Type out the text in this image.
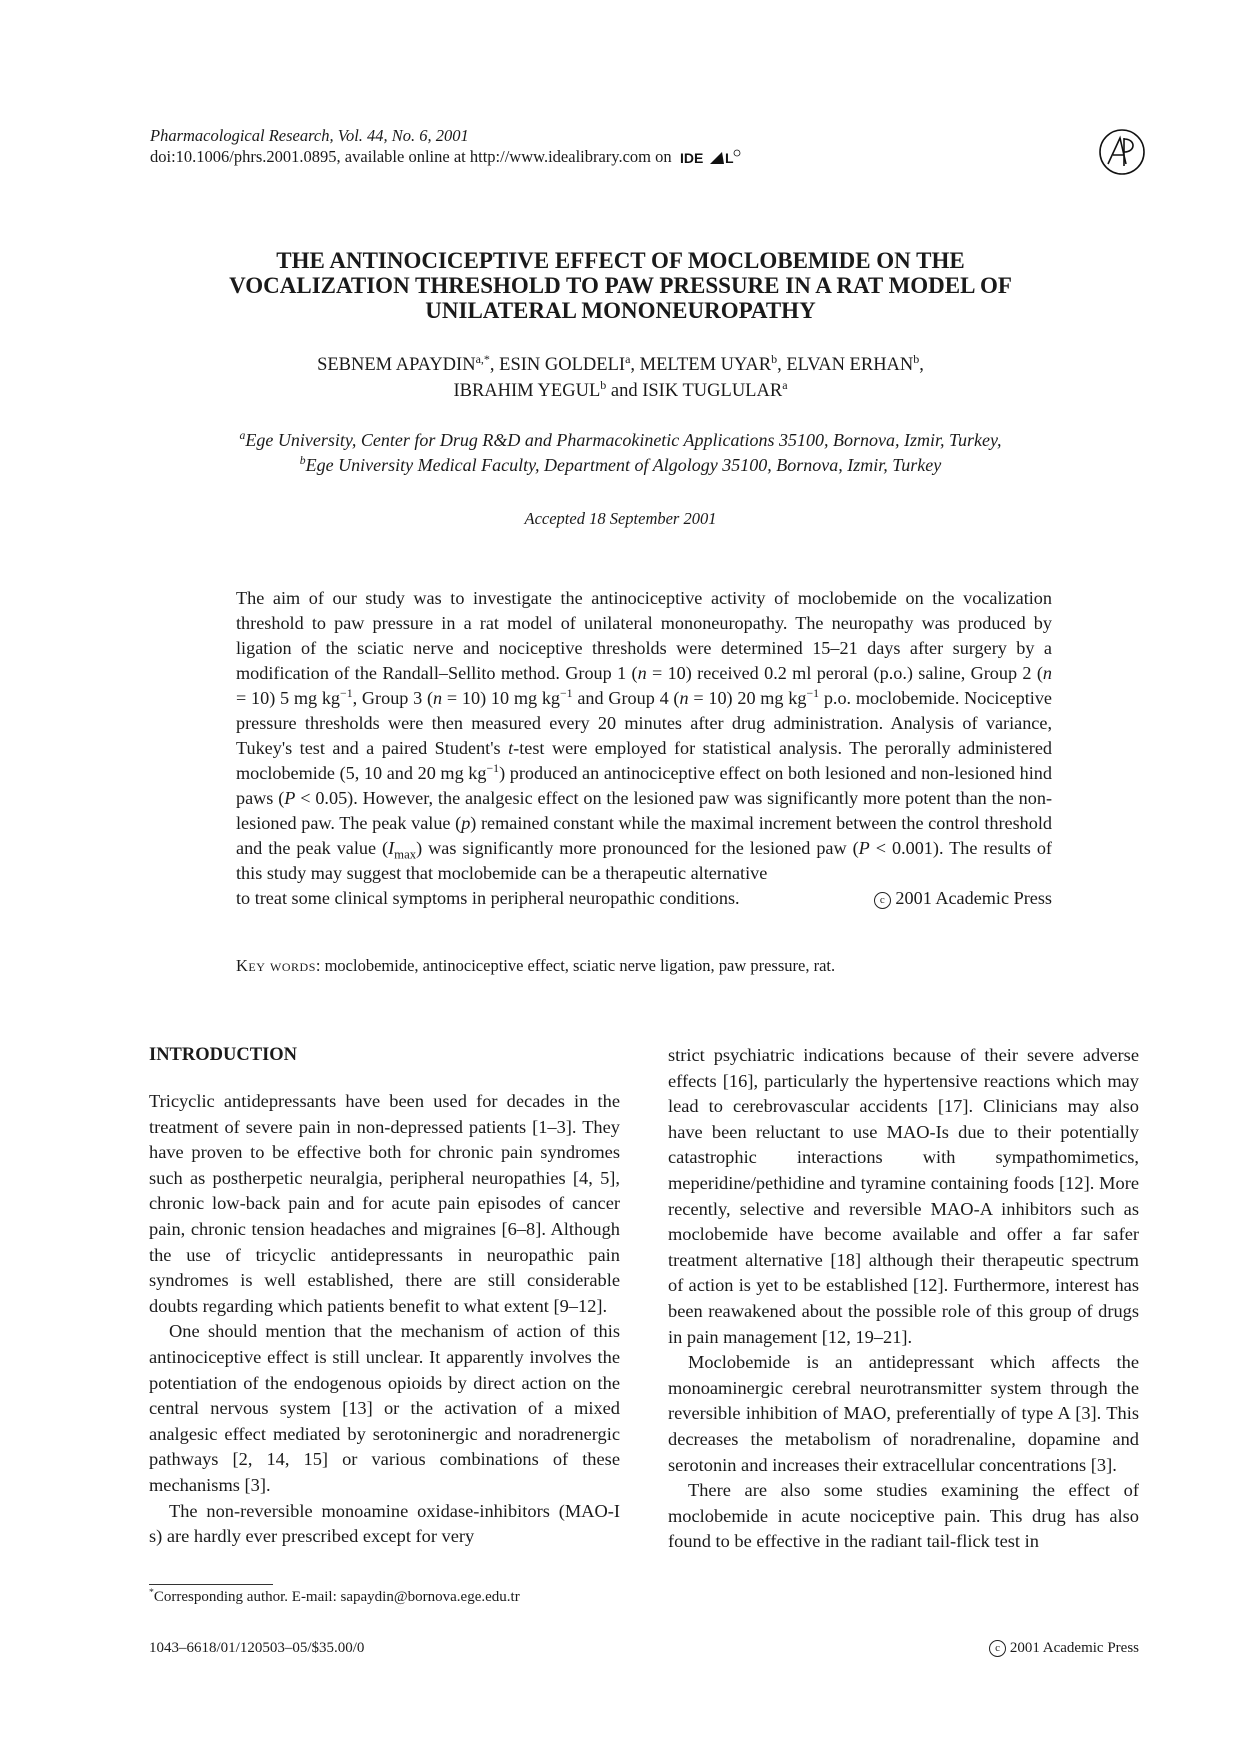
Pharmacological Research, Vol. 44, No. 6, 2001
doi:10.1006/phrs.2001.0895, available online at http://www.idealibrary.com on IDE L
THE ANTINOCICEPTIVE EFFECT OF MOCLOBEMIDE ON THE
VOCALIZATION THRESHOLD TO PAW PRESSURE IN A RAT MODEL OF
UNILATERAL MONONEUROPATHY
SEBNEM $APAYDIN^{a,*}$, ESIN GOLDELI$^a$, MELTEM UYAR$^b$, ELVAN ERHAN$^b$,
IBRAHIM YEGUL$^b$ and ISIK TUGLULAR$^a$
$^a$Ege University, Center for Drug R&D and Pharmacokinetic Applications 35100, Bornova, Izmir, Turkey,
$^b$Ege University Medical Faculty, Department of Algology 35100, Bornova, Izmir, Turkey
Accepted 18 September 2001

The aim of our study was to investigate the antinociceptive activity of moclobemide on the vocalization threshold to paw pressure in a rat model of unilateral mononeuropathy. The neuropathy was produced by ligation of the sciatic nerve and nociceptive thresholds were determined 15–21 days after surgery by a modification of the Randall–Sellito method. Group 1 (n = 10) received 0.2 ml peroral (p.o.) saline, Group 2 (n = 10) 5 mg $kg^{-1}$, Group 3 (n = 10) 10 mg $kg^{-1}$ and Group 4 (n = 10) 20 mg $kg^{-1}$ p.o. moclobemide. Nociceptive pressure thresholds were then measured every 20 minutes after drug administration. Analysis of variance, Tukey's test and a paired Student's t-test were employed for statistical analysis. The perorally administered moclobemide (5, 10 and 20 mg $kg^{-1}$) produced an antinociceptive effect on both lesioned and non-lesioned hind paws (P < 0.05). However, the analgesic effect on the lesioned paw was significantly more potent than the non-lesioned paw. The peak value (p) remained constant while the maximal increment between the control threshold and the peak value $(I_{max})$ was significantly more pronounced for the lesioned paw (P < 0.001). The results of this study may suggest that moclobemide can be a therapeutic alternative

to treat some clinical symptoms in peripheral neuropathic conditions.	c 2001 Academic Press
Key words: moclobemide, antinociceptive effect, sciatic nerve ligation, paw pressure, rat.
INTRODUCTION

Tricyclic antidepressants have been used for decades in the treatment of severe pain in non-depressed patients [1–3]. They have proven to be effective both for chronic pain syndromes such as postherpetic neuralgia, peripheral neuropathies [4, 5], chronic low-back pain and for acute pain episodes of cancer pain, chronic tension headaches and migraines [6–8]. Although the use of tricyclic antidepressants in neuropathic pain syndromes is well established, there are still considerable doubts regarding which patients benefit to what extent [9–12].

One should mention that the mechanism of action of this antinociceptive effect is still unclear. It apparently involves the potentiation of the endogenous opioids by direct action on the central nervous system [13] or the activation of a mixed analgesic effect mediated by serotoninergic and noradrenergic pathways [2, 14, 15] or various combinations of these mechanisms [3].

The non-reversible monoamine oxidase-inhibitors (MAO-I s) are hardly ever prescribed except for very

strict psychiatric indications because of their severe adverse effects [16], particularly the hypertensive reactions which may lead to cerebrovascular accidents [17]. Clinicians may also have been reluctant to use MAO-Is due to their potentially catastrophic interactions with sympathomimetics, meperidine/pethidine and tyramine containing foods [12]. More recently, selective and reversible MAO-A inhibitors such as moclobemide have become available and offer a far safer treatment alternative [18] although their therapeutic spectrum of action is yet to be established [12]. Furthermore, interest has been reawakened about the possible role of this group of drugs in pain management [12, 19–21].

Moclobemide is an antidepressant which affects the monoaminergic cerebral neurotransmitter system through the reversible inhibition of MAO, preferentially of type A [3]. This decreases the metabolism of noradrenaline, dopamine and serotonin and increases their extracellular concentrations [3].

There are also some studies examining the effect of moclobemide in acute nociceptive pain. This drug has also found to be effective in the radiant tail-flick test in

*Corresponding author. E-mail: sapaydin@bornova.ege.edu.tr
1043–6618/01/120503–05/$35.00/0	c 2001 Academic Press
